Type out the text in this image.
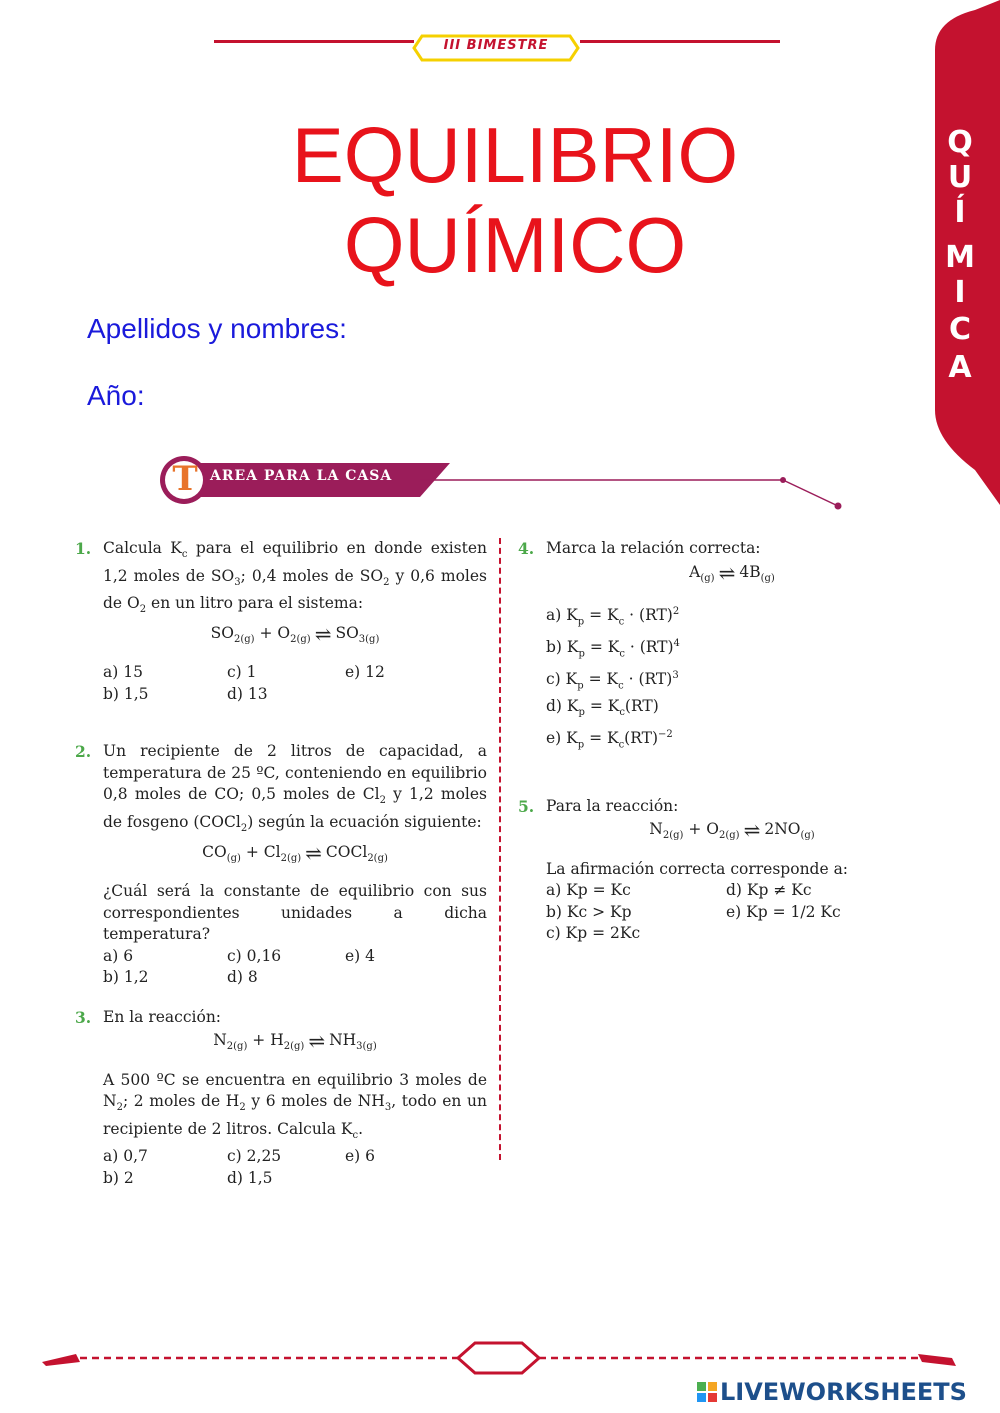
III BIMESTRE
Q
U
Í
M
I
C
A
EQUILIBRIO
QUÍMICO
Apellidos y nombres:
Año:
T AREA PARA LA CASA
1. Calcula $K_c$ para el equilibrio en donde existen 1,2 moles de $SO_3$; 0,4 moles de $SO_2$ y 0,6 moles de $O_2$ en un litro para el sistema:
$SO_{2(g)} + O_{2(g)}$ ⇌ $SO_{3(g)}$
a) 15	c) 1	e) 12
b) 1,5	d) 13
2. Un recipiente de 2 litros de capacidad, a temperatura de 25 ºC, conteniendo en equilibrio 0,8 moles de CO; 0,5 moles de $Cl_2$ y 1,2 moles de fosgeno (COCl$_2$) según la ecuación siguiente:
$CO_{(g)} + Cl_{2(g)}$ ⇌ COCl$_{2(g)}$
¿Cuál será la constante de equilibrio con sus correspondientes unidades a dicha temperatura?
a) 6	c) 0,16	e) 4
b) 1,2	d) 8
3. En la reacción:
$N_{2(g)} + H_{2(g)}$ ⇌ $NH_{3(g)}$
A 500 ºC se encuentra en equilibrio 3 moles de $N_2$; 2 moles de $H_2$ y 6 moles de $NH_3$, todo en un recipiente de 2 litros. Calcula $K_c$.
a) 0,7	c) 2,25	e) 6
b) 2	d) 1,5
4. Marca la relación correcta:
$A_{(g)}$ ⇌ $4B_{(g)}$
a) $K_p = K_c \cdot (RT)^2$
b) $K_p = K_c \cdot (RT)^4$
c) $K_p = K_c \cdot (RT)^3$
d) $K_p = K_c(RT)$
e) $K_p = K_c(RT)^{-2}$
5. Para la reacción:
$N_{2(g)} + O_{2(g)}$ ⇌ $2NO_{(g)}$
La afirmación correcta corresponde a:
a) Kp = Kc	d) Kp ≠ Kc
b) Kc > Kp	e) Kp = 1/2 Kc
c) Kp = 2Kc
LIVEWORKSHEETS
